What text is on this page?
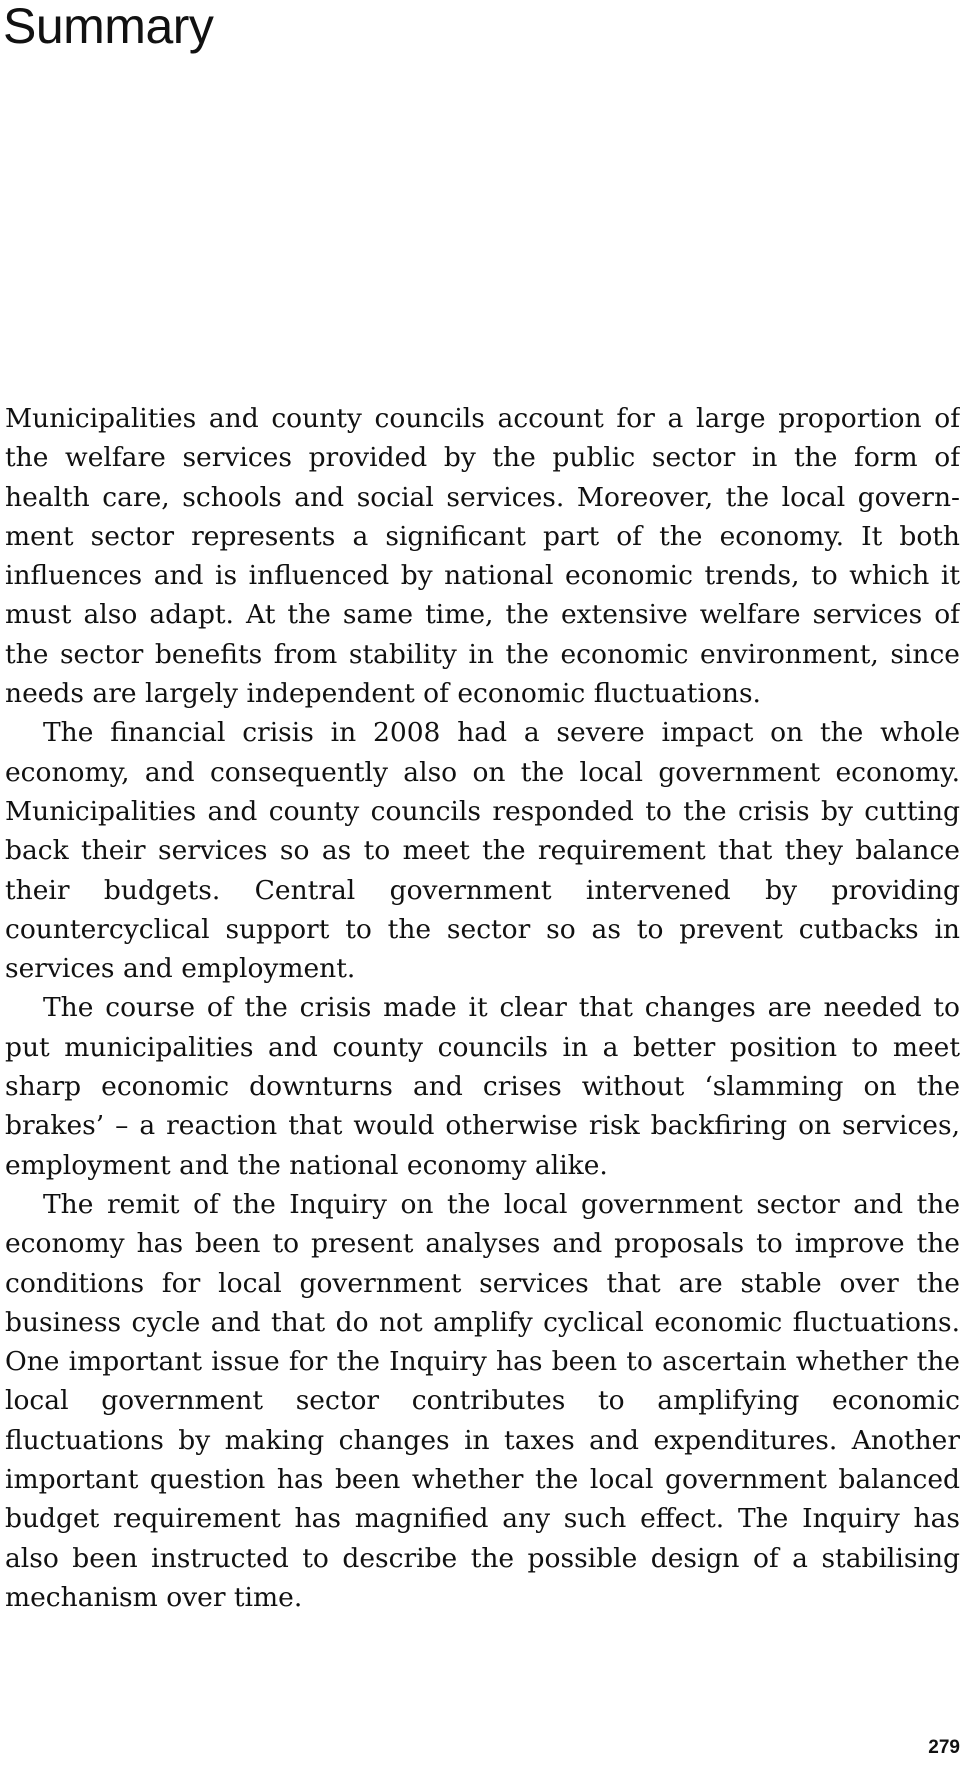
Summary

Municipalities and county councils account for a large proportion of the welfare services provided by the public sector in the form of health care, schools and social services. Moreover, the local government sector represents a significant part of the economy. It both influences and is influenced by national economic trends, to which it must also adapt. At the same time, the extensive welfare services of the sector benefits from stability in the economic environment, since needs are largely independent of economic fluctuations.

The financial crisis in 2008 had a severe impact on the whole economy, and consequently also on the local government economy. Municipalities and county councils responded to the crisis by cutting back their services so as to meet the requirement that they balance their budgets. Central government intervened by providing countercyclical support to the sector so as to prevent cutbacks in services and employment.

The course of the crisis made it clear that changes are needed to put municipalities and county councils in a better position to meet sharp economic downturns and crises without ‘slamming on the brakes’ – a reaction that would otherwise risk backfiring on services, employment and the national economy alike.

The remit of the Inquiry on the local government sector and the economy has been to present analyses and proposals to improve the conditions for local government services that are stable over the business cycle and that do not amplify cyclical economic fluctuations. One important issue for the Inquiry has been to ascertain whether the local government sector contributes to amplifying economic fluctuations by making changes in taxes and expenditures. Another important question has been whether the local government balanced budget requirement has magnified any such effect. The Inquiry has also been instructed to describe the possible design of a stabilising mechanism over time.

279
